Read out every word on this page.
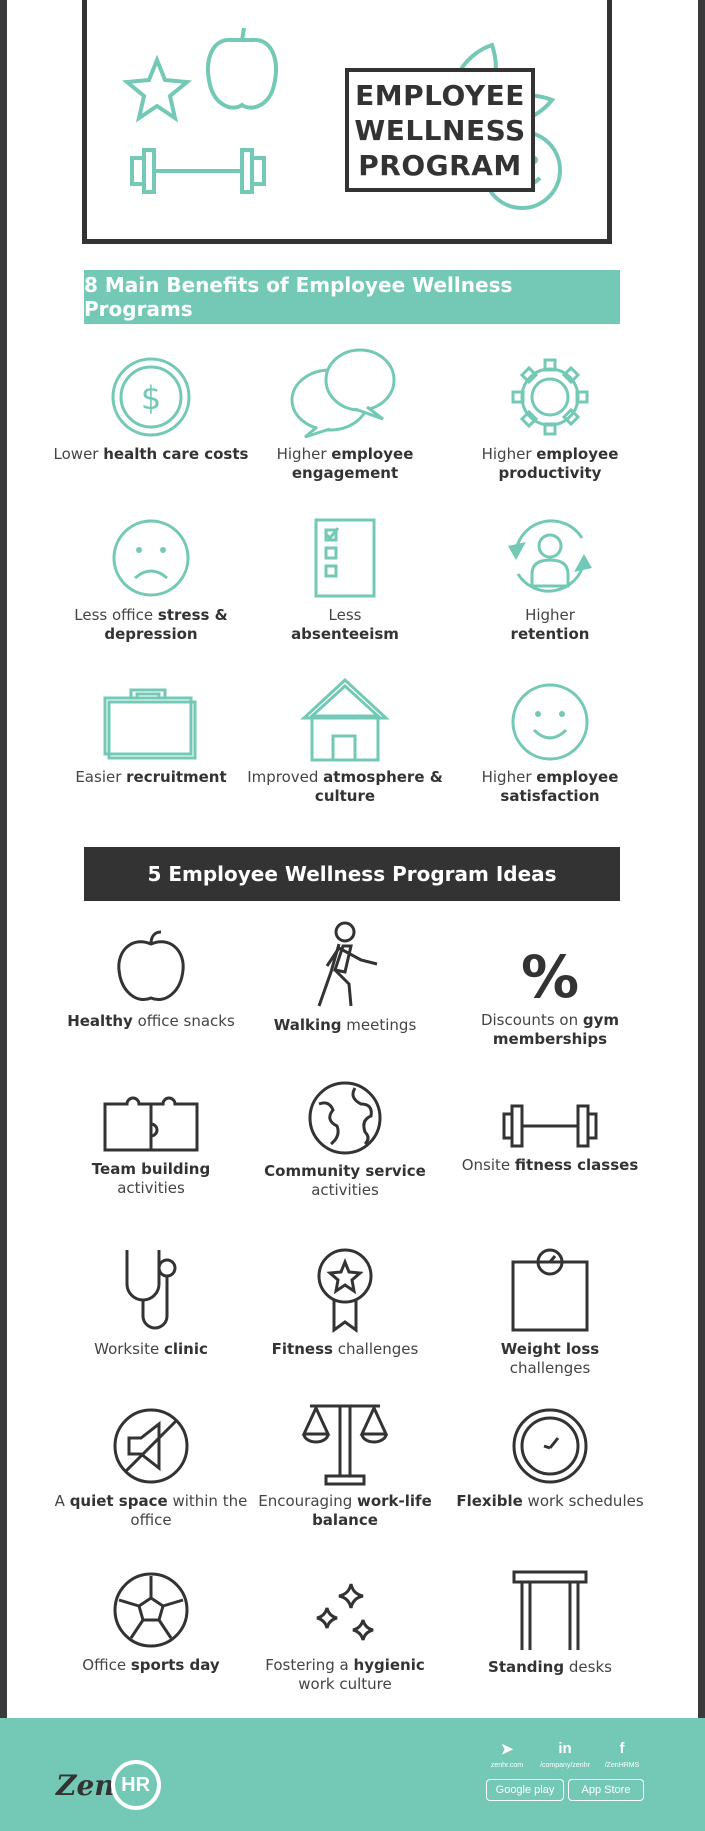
EMPLOYEE
WELLNESS
PROGRAM
8 Main Benefits of Employee Wellness Programs
$
Lower health care costs	Higher employee engagement
Higher employee productivity
Less office stress & depression
Less
absenteeism
Higher
retention
Easier recruitment	Improved atmosphere & culture
Higher employee satisfaction
5 Employee Wellness Program Ideas
Healthy office snacks	Walking meetings
%
Discounts on gym memberships
Team building
activities
Community service
activities
Onsite fitness classes
Worksite clinic	Fitness challenges	Weight loss
challenges
A quiet space within the office
Encouraging work-life balance
Flexible work schedules
Office sports day	Fostering a hygienic
work culture
Standing desks
Zen HR
➤
zenhr.com
in
/company/zenhr
f
/ZenHRMS
Google play App Store
